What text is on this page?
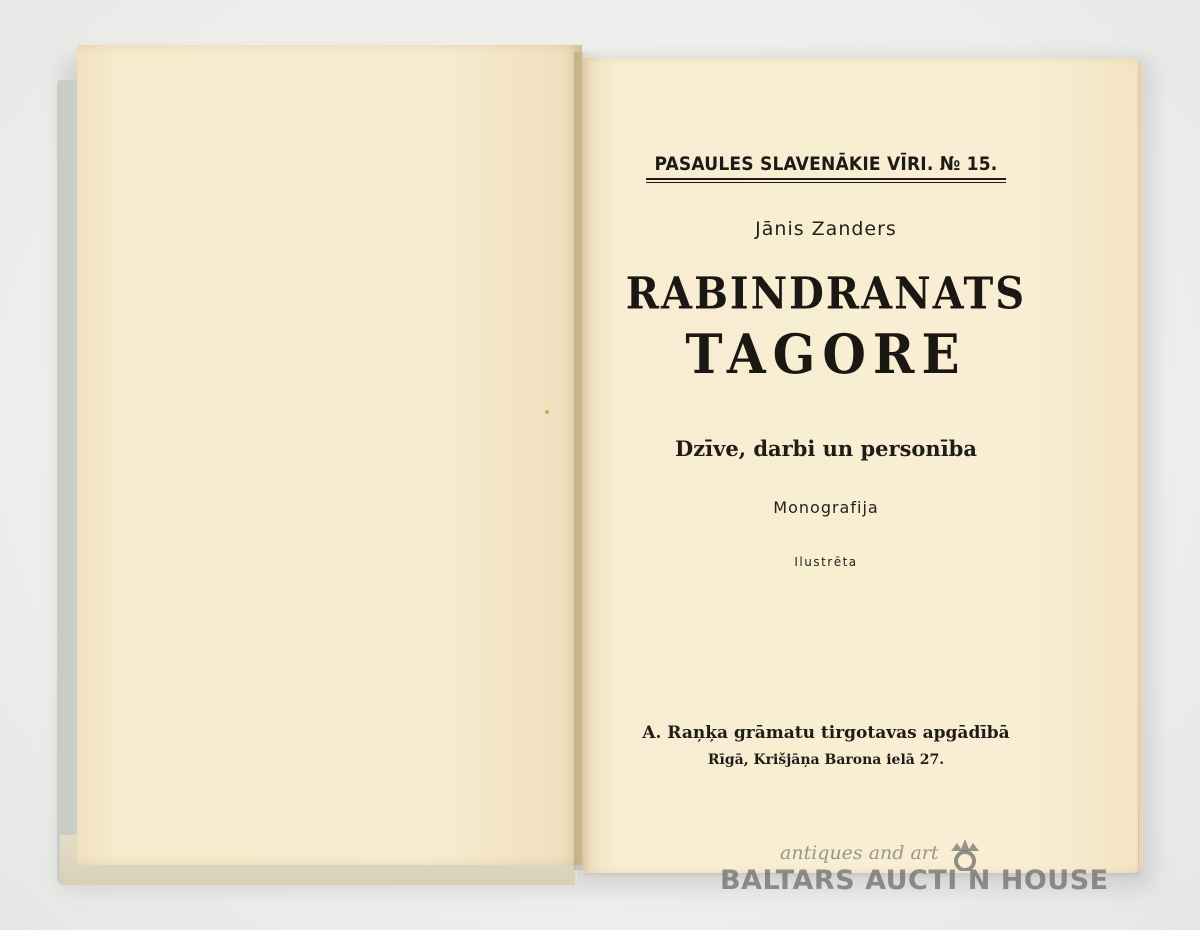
PASAULES SLAVENĀKIE VĪRI. № 15.
Jānis Zanders
RABINDRANATS
TAGORE
Dzīve, darbi un personība
Monografija
Ilustrēta
A. Raņķa grāmatu tirgotavas apgādībā
Rīgā, Krišjāņa Barona ielā 27.
antiques and art
BALTARS AUCTI N HOUSE
